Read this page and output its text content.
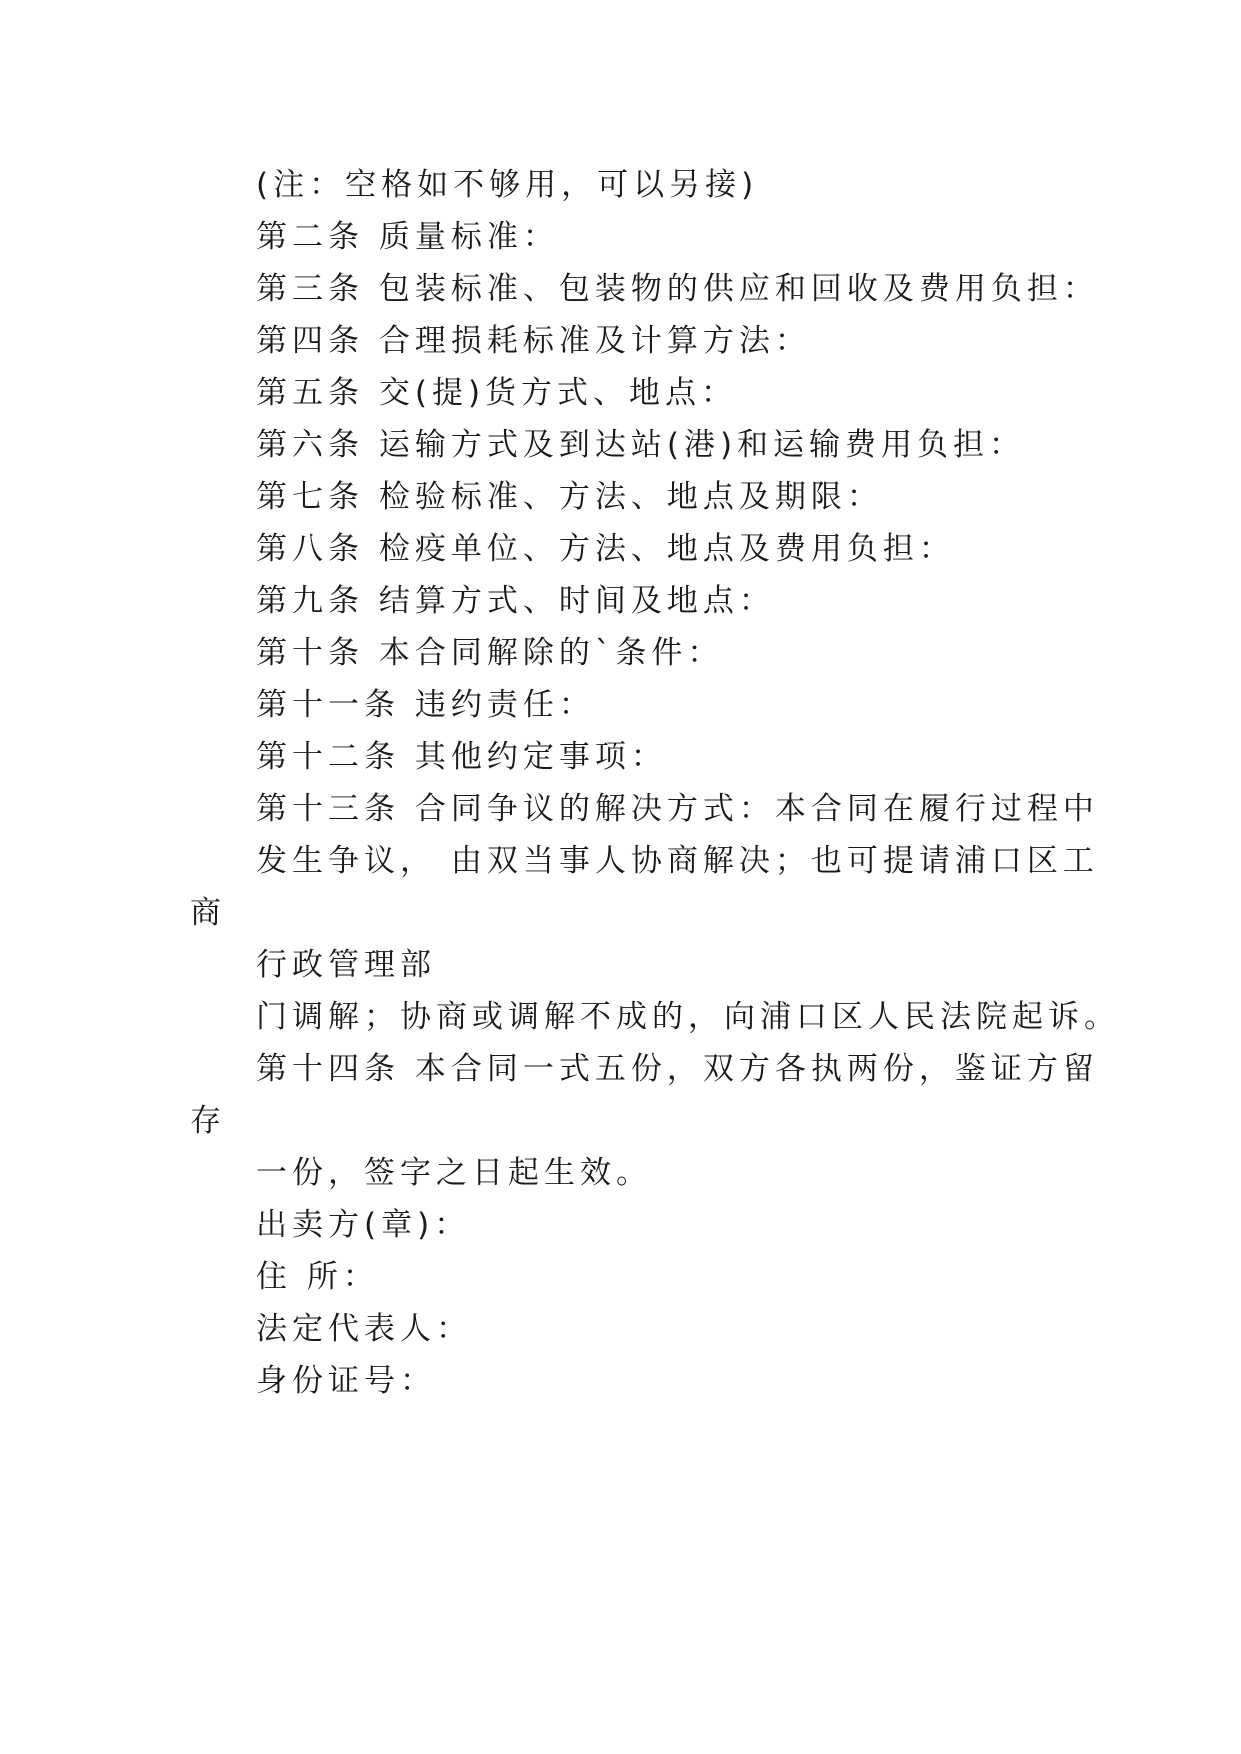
(注：空格如不够用，可以另接)
第二条 质量标准：
第三条 包装标准、包装物的供应和回收及费用负担：
第四条 合理损耗标准及计算方法：
第五条 交(提)货方式、地点：
第六条 运输方式及到达站(港)和运输费用负担：
第七条 检验标准、方法、地点及期限：
第八条 检疫单位、方法、地点及费用负担：
第九条 结算方式、时间及地点：
第十条 本合同解除的`条件：
第十一条 违约责任：
第十二条 其他约定事项：
第十三条 合同争议的解决方式：本合同在履行过程中
发生争议， 由双当事人协商解决；也可提请浦口区工
商
行政管理部
门调解；协商或调解不成的，向浦口区人民法院起诉。
第十四条 本合同一式五份，双方各执两份，鉴证方留
存
一份，签字之日起生效。
出卖方(章)：
住 所：
法定代表人：
身份证号：
